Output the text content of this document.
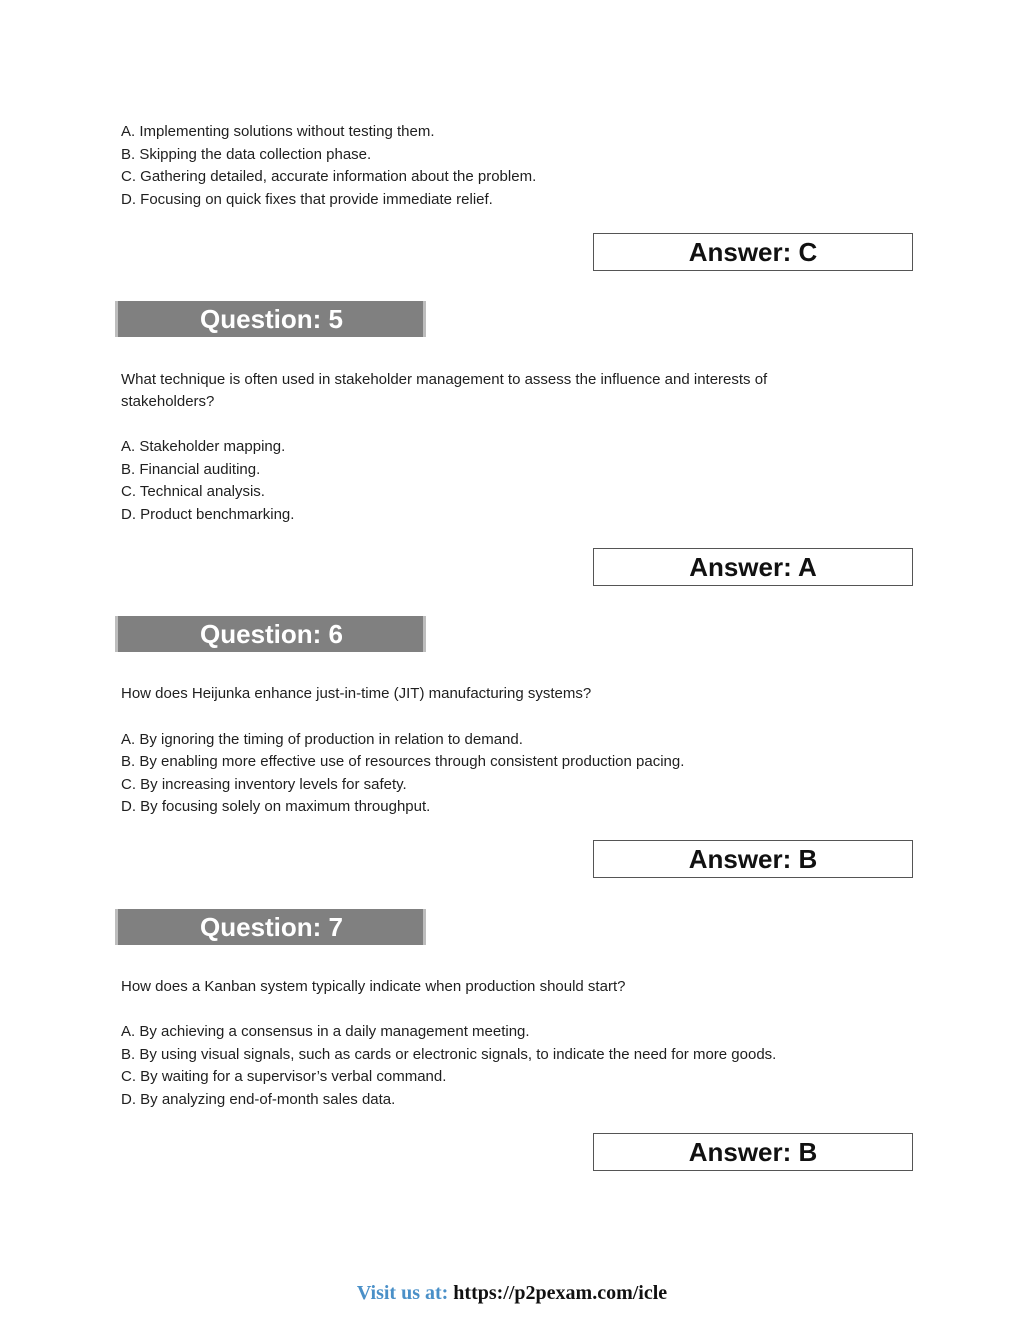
A. Implementing solutions without testing them.
B. Skipping the data collection phase.
C. Gathering detailed, accurate information about the problem.
D. Focusing on quick fixes that provide immediate relief.
Answer: C
Question: 5
What technique is often used in stakeholder management to assess the influence and interests of
stakeholders?
A. Stakeholder mapping.
B. Financial auditing.
C. Technical analysis.
D. Product benchmarking.
Answer: A
Question: 6
How does Heijunka enhance just-in-time (JIT) manufacturing systems?
A. By ignoring the timing of production in relation to demand.
B. By enabling more effective use of resources through consistent production pacing.
C. By increasing inventory levels for safety.
D. By focusing solely on maximum throughput.
Answer: B
Question: 7
How does a Kanban system typically indicate when production should start?
A. By achieving a consensus in a daily management meeting.
B. By using visual signals, such as cards or electronic signals, to indicate the need for more goods.
C. By waiting for a supervisor’s verbal command.
D. By analyzing end-of-month sales data.
Answer: B
Visit us at: https://p2pexam.com/icle
